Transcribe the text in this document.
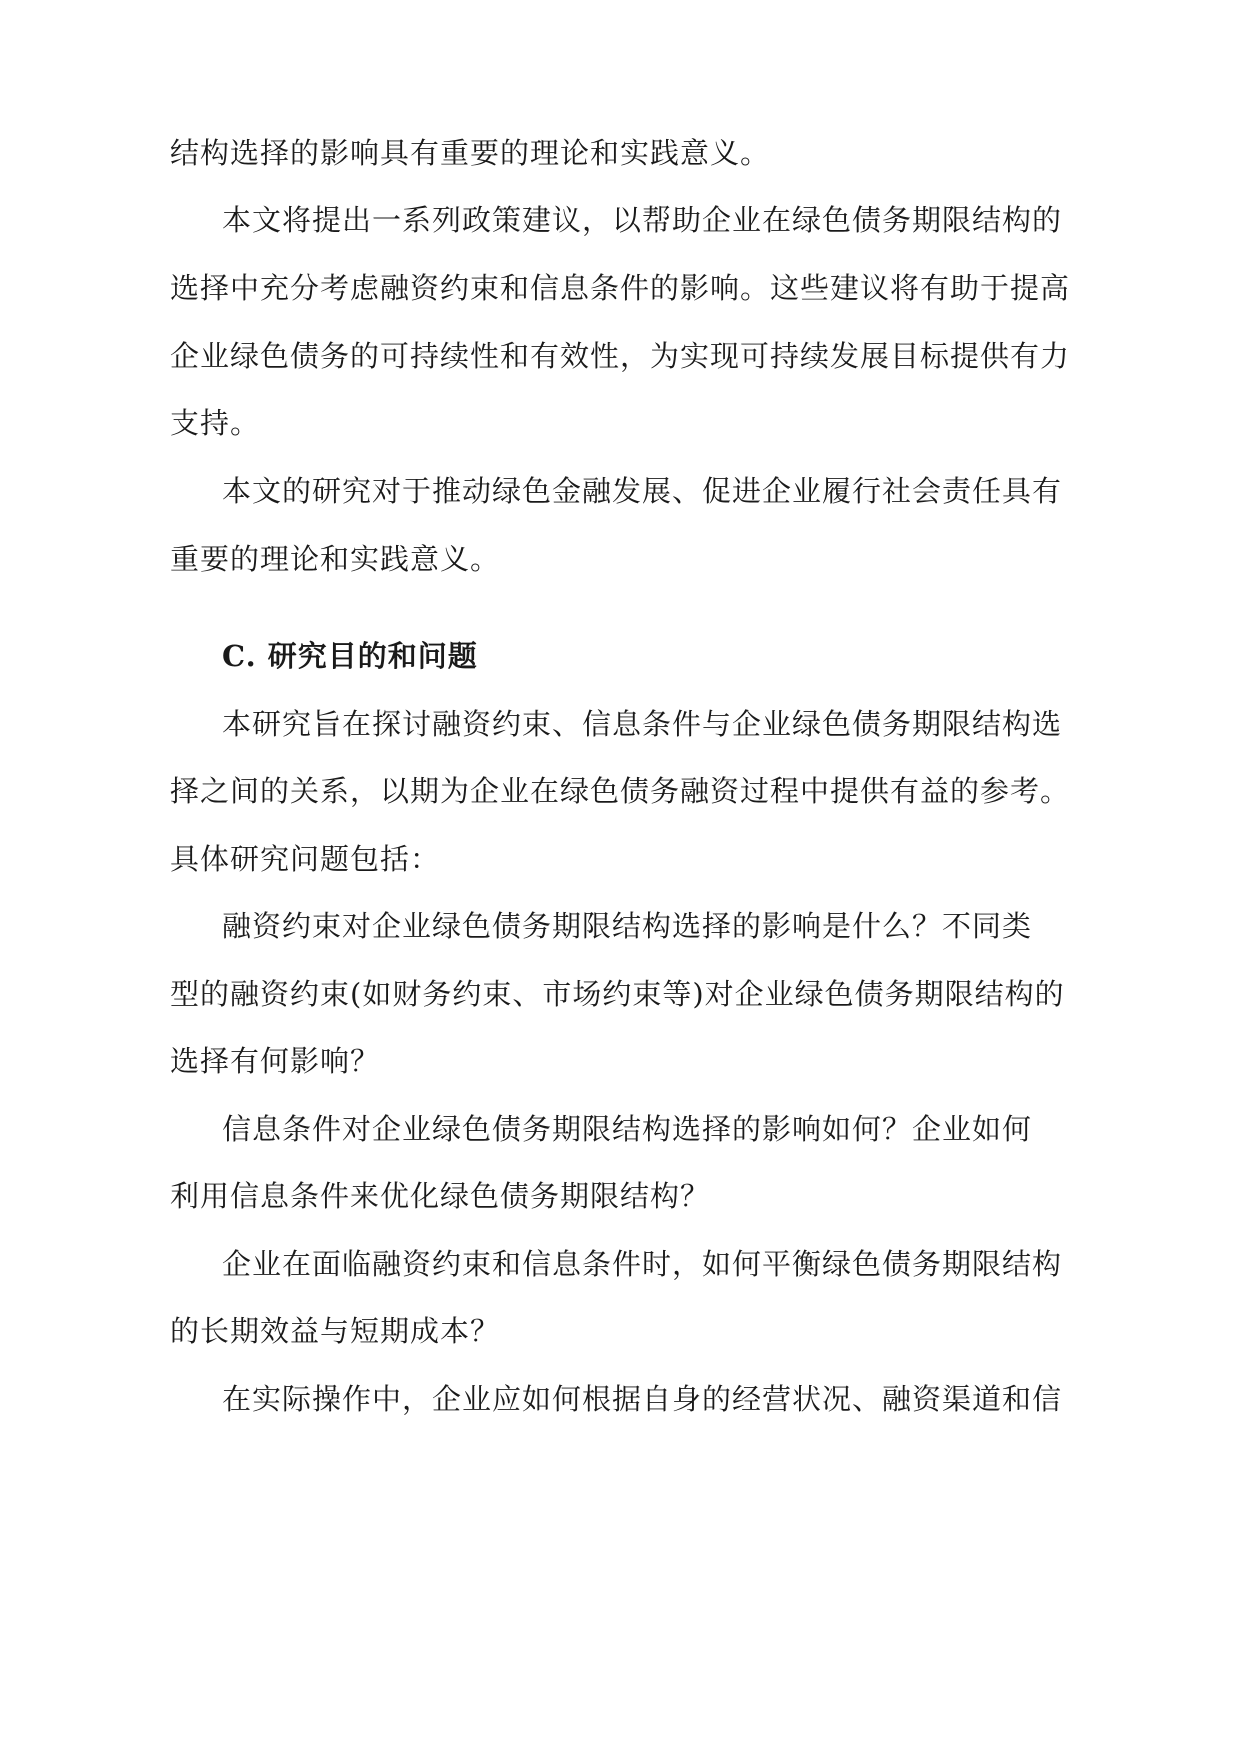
结构选择的影响具有重要的理论和实践意义。
本文将提出一系列政策建议，以帮助企业在绿色债务期限结构的
选择中充分考虑融资约束和信息条件的影响。这些建议将有助于提高
企业绿色债务的可持续性和有效性，为实现可持续发展目标提供有力
支持。
本文的研究对于推动绿色金融发展、促进企业履行社会责任具有
重要的理论和实践意义。
C. 研究目的和问题
本研究旨在探讨融资约束、信息条件与企业绿色债务期限结构选
择之间的关系，以期为企业在绿色债务融资过程中提供有益的参考。
具体研究问题包括：
融资约束对企业绿色债务期限结构选择的影响是什么？不同类
型的融资约束(如财务约束、市场约束等)对企业绿色债务期限结构的
选择有何影响？
信息条件对企业绿色债务期限结构选择的影响如何？企业如何
利用信息条件来优化绿色债务期限结构？
企业在面临融资约束和信息条件时，如何平衡绿色债务期限结构
的长期效益与短期成本？
在实际操作中，企业应如何根据自身的经营状况、融资渠道和信
